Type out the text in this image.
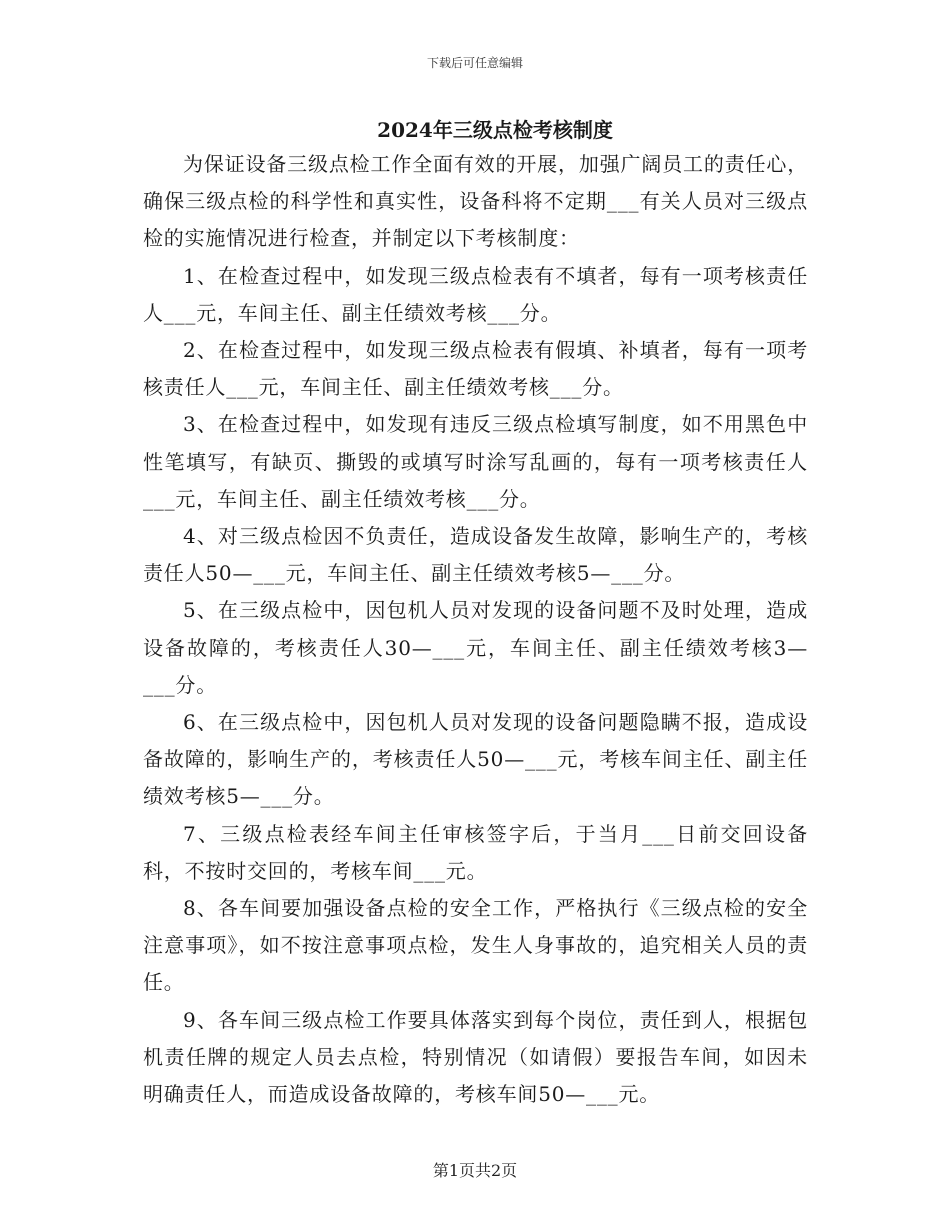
下载后可任意编辑
2024年三级点检考核制度

为保证设备三级点检工作全面有效的开展，加强广阔员工的责任心，确保三级点检的科学性和真实性，设备科将不定期___有关人员对三级点检的实施情况进行检查，并制定以下考核制度：

1、在检查过程中，如发现三级点检表有不填者，每有一项考核责任人___元，车间主任、副主任绩效考核___分。

2、在检查过程中，如发现三级点检表有假填、补填者，每有一项考核责任人___元，车间主任、副主任绩效考核___分。

3、在检查过程中，如发现有违反三级点检填写制度，如不用黑色中性笔填写，有缺页、撕毁的或填写时涂写乱画的，每有一项考核责任人___元，车间主任、副主任绩效考核___分。

4、对三级点检因不负责任，造成设备发生故障，影响生产的，考核责任人50—___元，车间主任、副主任绩效考核5—___分。

5、在三级点检中，因包机人员对发现的设备问题不及时处理，造成设备故障的，考核责任人30—___元，车间主任、副主任绩效考核3—___分。

6、在三级点检中，因包机人员对发现的设备问题隐瞒不报，造成设备故障的，影响生产的，考核责任人50—___元，考核车间主任、副主任绩效考核5—___分。

7、三级点检表经车间主任审核签字后，于当月___日前交回设备科，不按时交回的，考核车间___元。

8、各车间要加强设备点检的安全工作，严格执行《三级点检的安全注意事项》，如不按注意事项点检，发生人身事故的，追究相关人员的责任。

9、各车间三级点检工作要具体落实到每个岗位，责任到人，根据包机责任牌的规定人员去点检，特别情况（如请假）要报告车间，如因未明确责任人，而造成设备故障的，考核车间50—___元。

第1页共2页
